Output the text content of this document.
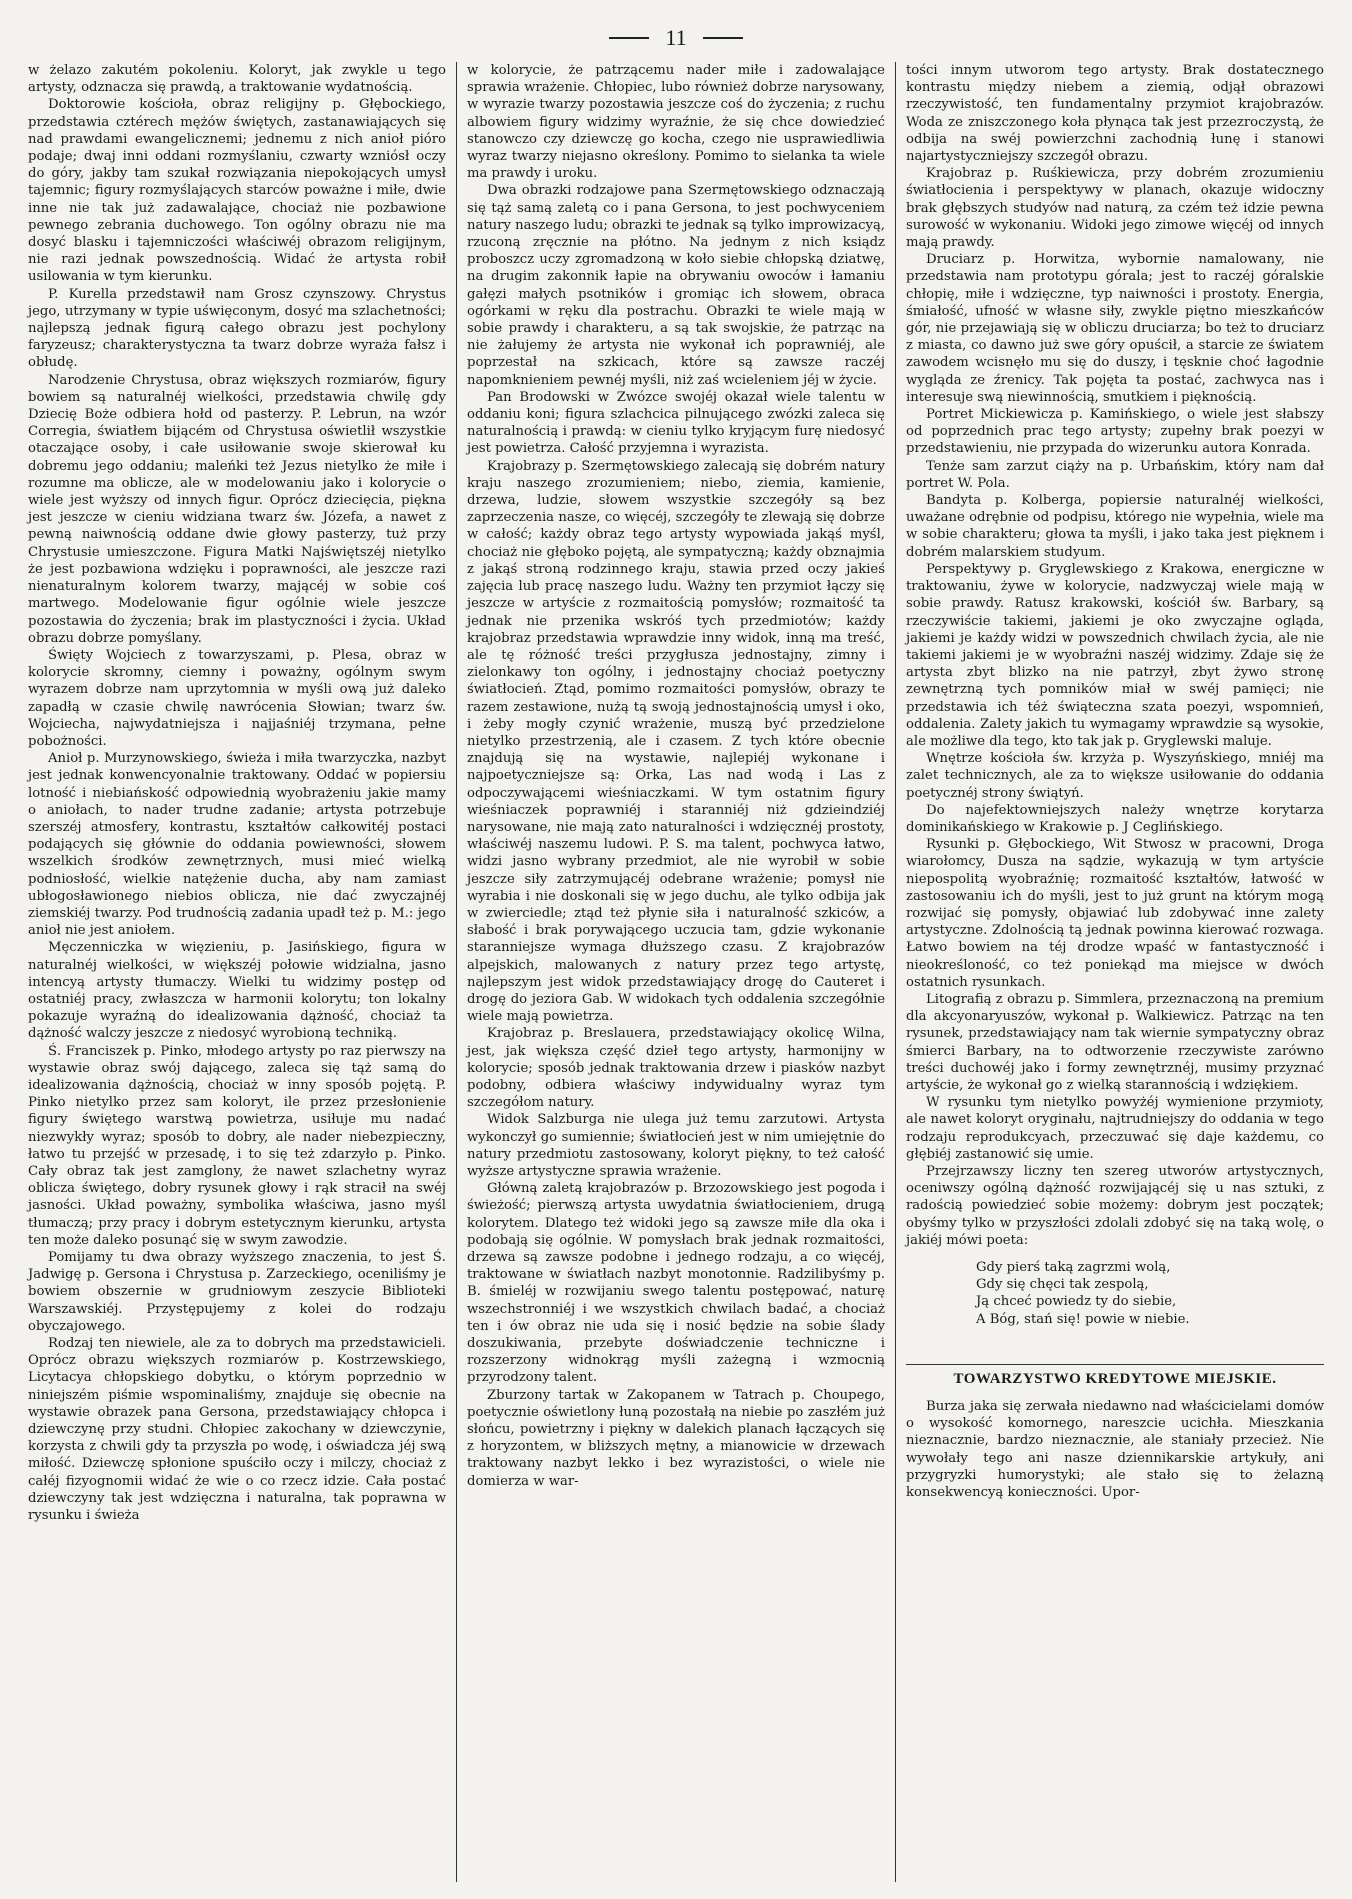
11

w żelazo zakutém pokoleniu. Koloryt, jak zwykle u tego artysty, odznacza się prawdą, a traktowanie wydatnością.

Doktorowie kościoła, obraz religijny p. Głębockiego, przedstawia cztérech mężów świętych, zastanawiających się nad prawdami ewangelicznemi; jednemu z nich anioł pióro podaje; dwaj inni oddani rozmyślaniu, czwarty wzniósł oczy do góry, jakby tam szukał rozwiązania niepokojących umysł tajemnic; figury rozmyślających starców poważne i miłe, dwie inne nie tak już zadawalające, chociaż nie pozbawione pewnego zebrania duchowego. Ton ogólny obrazu nie ma dosyć blasku i tajemniczości właściwéj obrazom religijnym, nie razi jednak powszednością. Widać że artysta robił usilowania w tym kierunku.

P. Kurella przedstawił nam Grosz czynszowy. Chrystus jego, utrzymany w typie uświęconym, dosyć ma szlachetności; najlepszą jednak figurą całego obrazu jest pochylony faryzeusz; charakterystyczna ta twarz dobrze wyraża fałsz i obłudę.

Narodzenie Chrystusa, obraz większych rozmiarów, figury bowiem są naturalnéj wielkości, przedstawia chwilę gdy Dziecię Boże odbiera hołd od pasterzy. P. Lebrun, na wzór Corregia, światłem bijącém od Chrystusa oświetlił wszystkie otaczające osoby, i całe usiłowanie swoje skierował ku dobremu jego oddaniu; maleńki też Jezus nietylko że miłe i rozumne ma oblicze, ale w modelowaniu jako i kolorycie o wiele jest wyższy od innych figur. Oprócz dziecięcia, piękna jest jeszcze w cieniu widziana twarz św. Józefa, a nawet z pewną naiwnością oddane dwie głowy pasterzy, tuż przy Chrystusie umieszczone. Figura Matki Najświętszéj nietylko że jest pozbawiona wdzięku i poprawności, ale jeszcze razi nienaturalnym kolorem twarzy, mającéj w sobie coś martwego. Modelowanie figur ogólnie wiele jeszcze pozostawia do życzenia; brak im plastyczności i życia. Układ obrazu dobrze pomyślany.

Święty Wojciech z towarzyszami, p. Plesa, obraz w kolorycie skromny, ciemny i poważny, ogólnym swym wyrazem dobrze nam uprzytomnia w myśli ową już daleko zapadłą w czasie chwilę nawrócenia Słowian; twarz św. Wojciecha, najwydatniejsza i najjaśniéj trzymana, pełne pobożności.

Anioł p. Murzynowskiego, świeża i miła twarzyczka, nazbyt jest jednak konwencyonalnie traktowany. Oddać w popiersiu lotność i niebiańskość odpowiednią wyobrażeniu jakie mamy o aniołach, to nader trudne zadanie; artysta potrzebuje szerszéj atmosfery, kontrastu, kształtów całkowitéj postaci podających się głównie do oddania powiewności, słowem wszelkich środków zewnętrznych, musi mieć wielką podniosłość, wielkie natężenie ducha, aby nam zamiast ubłogosławionego niebios oblicza, nie dać zwyczajnéj ziemskiéj twarzy. Pod trudnością zadania upadł też p. M.: jego anioł nie jest aniołem.

Męczenniczka w więzieniu, p. Jasińskiego, figura w naturalnéj wielkości, w większéj połowie widzialna, jasno intencyą artysty tłumaczy. Wielki tu widzimy postęp od ostatniéj pracy, zwłaszcza w harmonii kolorytu; ton lokalny pokazuje wyraźną do idealizowania dążność, chociaż ta dążność walczy jeszcze z niedosyć wyrobioną techniką.

Ś. Franciszek p. Pinko, młodego artysty po raz pierwszy na wystawie obraz swój dającego, zaleca się tąż samą do idealizowania dążnością, chociaż w inny sposób pojętą. P. Pinko nietylko przez sam koloryt, ile przez przesłonienie figury świętego warstwą powietrza, usiłuje mu nadać niezwykły wyraz; sposób to dobry, ale nader niebezpieczny, łatwo tu przejść w przesadę, i to się też zdarzyło p. Pinko. Cały obraz tak jest zamglony, że nawet szlachetny wyraz oblicza świętego, dobry rysunek głowy i rąk stracił na swéj jasności. Układ poważny, symbolika właściwa, jasno myśl tłumaczą; przy pracy i dobrym estetycznym kierunku, artysta ten może daleko posunąć się w swym zawodzie.

Pomijamy tu dwa obrazy wyższego znaczenia, to jest Ś. Jadwigę p. Gersona i Chrystusa p. Zarzeckiego, oceniliśmy je bowiem obszernie w grudniowym zeszycie Biblioteki Warszawskiéj. Przystępujemy z kolei do rodzaju obyczajowego.

Rodzaj ten niewiele, ale za to dobrych ma przedstawicieli. Oprócz obrazu większych rozmiarów p. Kostrzewskiego, Licytacya chłopskiego dobytku, o którym poprzednio w niniejszém piśmie wspominaliśmy, znajduje się obecnie na wystawie obrazek pana Gersona, przedstawiający chłopca i dziewczynę przy studni. Chłopiec zakochany w dziewczynie, korzysta z chwili gdy ta przyszła po wodę, i oświadcza jéj swą miłość. Dziewczę spłonione spuściło oczy i milczy, chociaż z całéj fizyognomii widać że wie o co rzecz idzie. Cała postać dziewczyny tak jest wdzięczna i naturalna, tak poprawna w rysunku i świeża

w kolorycie, że patrzącemu nader miłe i zadowalające sprawia wrażenie. Chłopiec, lubo również dobrze narysowany, w wyrazie twarzy pozostawia jeszcze coś do życzenia; z ruchu albowiem figury widzimy wyraźnie, że się chce dowiedzieć stanowczo czy dziewczę go kocha, czego nie usprawiedliwia wyraz twarzy niejasno określony. Pomimo to sielanka ta wiele ma prawdy i uroku.

Dwa obrazki rodzajowe pana Szermętowskiego odznaczają się tąż samą zaletą co i pana Gersona, to jest pochwyceniem natury naszego ludu; obrazki te jednak są tylko improwizacyą, rzuconą zręcznie na płótno. Na jednym z nich ksiądz proboszcz uczy zgromadzoną w koło siebie chłopską dziatwę, na drugim zakonnik łapie na obrywaniu owoców i łamaniu gałęzi małych psotników i gromiąc ich słowem, obraca ogórkami w ręku dla postrachu. Obrazki te wiele mają w sobie prawdy i charakteru, a są tak swojskie, że patrząc na nie żałujemy że artysta nie wykonał ich poprawniéj, ale poprzestał na szkicach, które są zawsze raczéj napomknieniem pewnéj myśli, niż zaś wcieleniem jéj w życie.

Pan Brodowski w Zwózce swojéj okazał wiele talentu w oddaniu koni; figura szlachcica pilnującego zwózki zaleca się naturalnością i prawdą: w cieniu tylko kryjącym furę niedosyć jest powietrza. Całość przyjemna i wyrazista.

Krajobrazy p. Szermętowskiego zalecają się dobrém natury kraju naszego zrozumieniem; niebo, ziemia, kamienie, drzewa, ludzie, słowem wszystkie szczegóły są bez zaprzeczenia nasze, co więcéj, szczegóły te zlewają się dobrze w całość; każdy obraz tego artysty wypowiada jakąś myśl, chociaż nie głęboko pojętą, ale sympatyczną; każdy obznajmia z jakąś stroną rodzinnego kraju, stawia przed oczy jakieś zajęcia lub pracę naszego ludu. Ważny ten przymiot łączy się jeszcze w artyście z rozmaitością pomysłów; rozmaitość ta jednak nie przenika wskróś tych przedmiotów; każdy krajobraz przedstawia wprawdzie inny widok, inną ma treść, ale tę różność treści przygłusza jednostajny, zimny i zielonkawy ton ogólny, i jednostajny chociaż poetyczny światłocień. Ztąd, pomimo rozmaitości pomysłów, obrazy te razem zestawione, nużą tą swoją jednostajnością umysł i oko, i żeby mogły czynić wrażenie, muszą być przedzielone nietylko przestrzenią, ale i czasem. Z tych które obecnie znajdują się na wystawie, najlepiéj wykonane i najpoetyczniejsze są: Orka, Las nad wodą i Las z odpoczywającemi wieśniaczkami. W tym ostatnim figury wieśniaczek poprawniéj i staranniéj niż gdzieindziéj narysowane, nie mają zato naturalności i wdzięcznéj prostoty, właściwéj naszemu ludowi. P. S. ma talent, pochwyca łatwo, widzi jasno wybrany przedmiot, ale nie wyrobił w sobie jeszcze siły zatrzymującéj odebrane wrażenie; pomysł nie wyrabia i nie doskonali się w jego duchu, ale tylko odbija jak w zwierciedle; ztąd też płynie siła i naturalność szkiców, a słabość i brak porywającego uczucia tam, gdzie wykonanie staranniejsze wymaga dłuższego czasu. Z krajobrazów alpejskich, malowanych z natury przez tego artystę, najlepszym jest widok przedstawiający drogę do Cauteret i drogę do jeziora Gab. W widokach tych oddalenia szczegółnie wiele mają powietrza.

Krajobraz p. Breslauera, przedstawiający okolicę Wilna, jest, jak większa część dzieł tego artysty, harmonijny w kolorycie; sposób jednak traktowania drzew i piasków nazbyt podobny, odbiera właściwy indywidualny wyraz tym szczegółom natury.

Widok Salzburga nie ulega już temu zarzutowi. Artysta wykonczył go sumiennie; światłocień jest w nim umiejętnie do natury przedmiotu zastosowany, koloryt piękny, to też całość wyższe artystyczne sprawia wrażenie.

Główną zaletą krajobrazów p. Brzozowskiego jest pogoda i świeżość; pierwszą artysta uwydatnia światłocieniem, drugą kolorytem. Dlatego też widoki jego są zawsze miłe dla oka i podobają się ogólnie. W pomysłach brak jednak rozmaitości, drzewa są zawsze podobne i jednego rodzaju, a co więcéj, traktowane w światłach nazbyt monotonnie. Radzilibyśmy p. B. śmieléj w rozwijaniu swego talentu postępować, naturę wszechstronniéj i we wszystkich chwilach badać, a chociaż ten i ów obraz nie uda się i nosić będzie na sobie ślady doszukiwania, przebyte doświadczenie techniczne i rozszerzony widnokrąg myśli zażegną i wzmocnią przyrodzony talent.

Zburzony tartak w Zakopanem w Tatrach p. Choupego, poetycznie oświetlony łuną pozostałą na niebie po zaszłém już słońcu, powietrzny i piękny w dalekich planach łączących się z horyzontem, w bliższych mętny, a mianowicie w drzewach traktowany nazbyt lekko i bez wyrazistości, o wiele nie domierza w war-

tości innym utworom tego artysty. Brak dostatecznego kontrastu między niebem a ziemią, odjął obrazowi rzeczywistość, ten fundamentalny przymiot krajobrazów. Woda ze zniszczonego koła płynąca tak jest przezroczystą, że odbija na swéj powierzchni zachodnią łunę i stanowi najartystyczniejszy szczegół obrazu.

Krajobraz p. Ruśkiewicza, przy dobrém zrozumieniu światłocienia i perspektywy w planach, okazuje widoczny brak głębszych studyów nad naturą, za czém też idzie pewna surowość w wykonaniu. Widoki jego zimowe więcéj od innych mają prawdy.

Druciarz p. Horwitza, wybornie namalowany, nie przedstawia nam prototypu górala; jest to raczéj góralskie chłopię, miłe i wdzięczne, typ naiwności i prostoty. Energia, śmiałość, ufność w własne siły, zwykle piętno mieszkańców gór, nie przejawiają się w obliczu druciarza; bo też to druciarz z miasta, co dawno już swe góry opuścił, a starcie ze światem zawodem wcisnęło mu się do duszy, i tęsknie choć łagodnie wygląda ze źrenicy. Tak pojęta ta postać, zachwyca nas i interesuje swą niewinnością, smutkiem i pięknością.

Portret Mickiewicza p. Kamińskiego, o wiele jest słabszy od poprzednich prac tego artysty; zupełny brak poezyi w przedstawieniu, nie przypada do wizerunku autora Konrada.

Tenże sam zarzut ciąży na p. Urbańskim, który nam dał portret W. Pola.

Bandyta p. Kolberga, popiersie naturalnéj wielkości, uważane odrębnie od podpisu, którego nie wypełnia, wiele ma w sobie charakteru; głowa ta myśli, i jako taka jest pięknem i dobrém malarskiem studyum.

Perspektywy p. Gryglewskiego z Krakowa, energiczne w traktowaniu, żywe w kolorycie, nadzwyczaj wiele mają w sobie prawdy. Ratusz krakowski, kościół św. Barbary, są rzeczywiście takiemi, jakiemi je oko zwyczajne ogląda, jakiemi je każdy widzi w powszednich chwilach życia, ale nie takiemi jakiemi je w wyobraźni naszéj widzimy. Zdaje się że artysta zbyt blizko na nie patrzył, zbyt żywo stronę zewnętrzną tych pomników miał w swéj pamięci; nie przedstawia ich téż świąteczna szata poezyi, wspomnień, oddalenia. Zalety jakich tu wymagamy wprawdzie są wysokie, ale możliwe dla tego, kto tak jak p. Gryglewski maluje.

Wnętrze kościoła św. krzyża p. Wyszyńskiego, mniéj ma zalet technicznych, ale za to większe usiłowanie do oddania poetycznéj strony świątyń.

Do najefektowniejszych należy wnętrze korytarza dominikańskiego w Krakowie p. J Ceglińskiego.

Rysunki p. Głębockiego, Wit Stwosz w pracowni, Droga wiarołomcy, Dusza na sądzie, wykazują w tym artyście niepospolitą wyobraźnię; rozmaitość kształtów, łatwość w zastosowaniu ich do myśli, jest to już grunt na którym mogą rozwijać się pomysły, objawiać lub zdobywać inne zalety artystyczne. Zdolnością tą jednak powinna kierować rozwaga. Łatwo bowiem na téj drodze wpaść w fantastyczność i nieokreśloność, co też poniekąd ma miejsce w dwóch ostatnich rysunkach.

Litografią z obrazu p. Simmlera, przeznaczoną na premium dla akcyonaryuszów, wykonał p. Walkiewicz. Patrząc na ten rysunek, przedstawiający nam tak wiernie sympatyczny obraz śmierci Barbary, na to odtworzenie rzeczywiste zarówno treści duchowéj jako i formy zewnętrznéj, musimy przyznać artyście, że wykonał go z wielką starannością i wdziękiem.

W rysunku tym nietylko powyżéj wymienione przymioty, ale nawet koloryt oryginału, najtrudniejszy do oddania w tego rodzaju reprodukcyach, przeczuwać się daje każdemu, co głębiéj zastanowić się umie.

Przejrzawszy liczny ten szereg utworów artystycznych, oceniwszy ogólną dążność rozwijającéj się u nas sztuki, z radością powiedzieć sobie możemy: dobrym jest początek; obyśmy tylko w przyszłości zdolali zdobyć się na taką wolę, o jakiéj mówi poeta:

Gdy pierś taką zagrzmi wolą,
Gdy się chęci tak zespolą,
Ją chceć powiedz ty do siebie,
A Bóg, stań się! powie w niebie.
TOWARZYSTWO KREDYTOWE MIEJSKIE.

Burza jaka się zerwała niedawno nad właścicielami domów o wysokość komornego, nareszcie ucichła. Mieszkania nieznacznie, bardzo nieznacznie, ale staniały przecież. Nie wywołały tego ani nasze dziennikarskie artykuły, ani przygryzki humorystyki; ale stało się to żelazną konsekwencyą konieczności. Upor-
